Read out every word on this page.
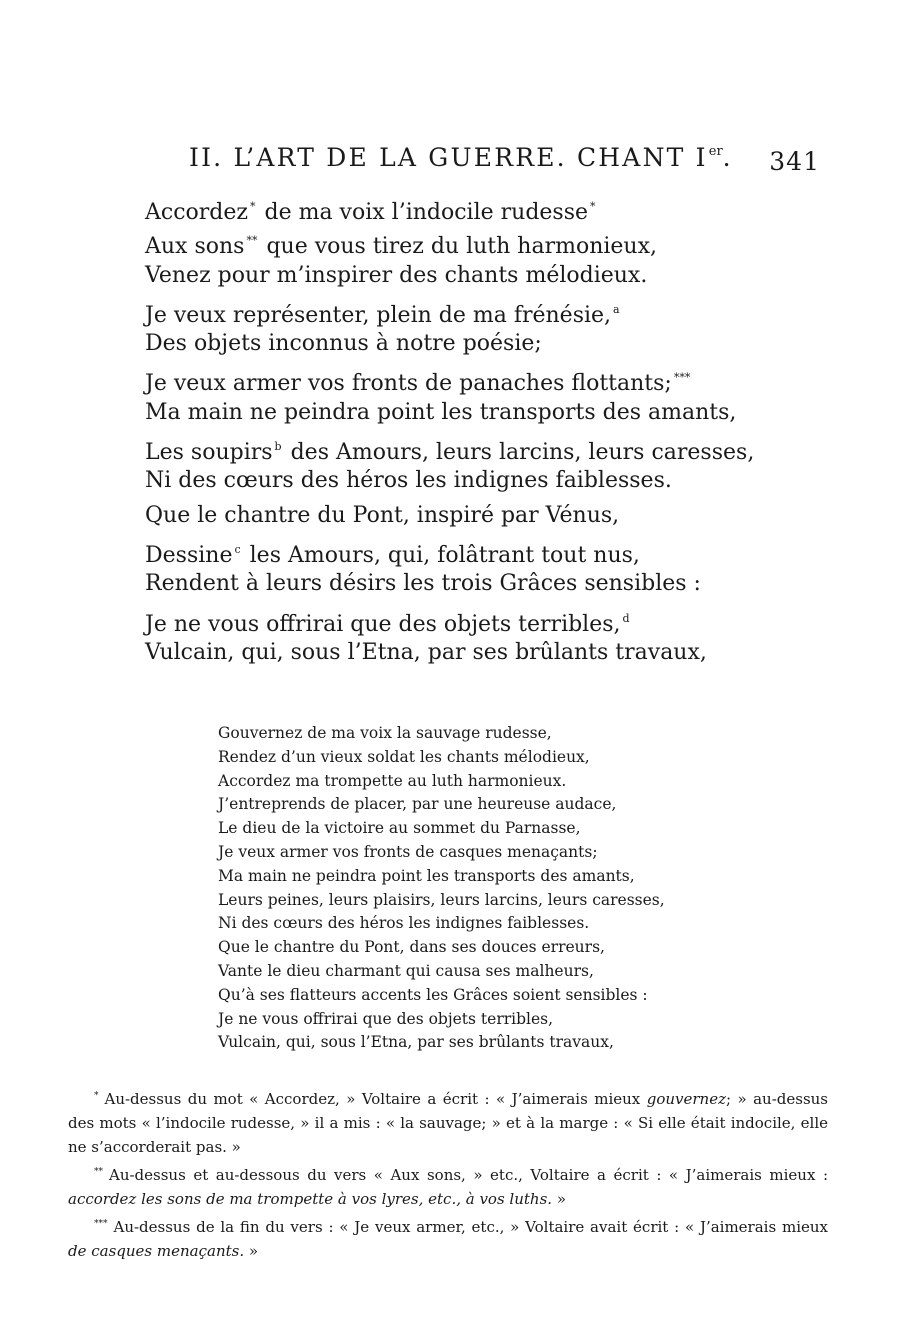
II. L’ART DE LA GUERRE. CHANT Ier. 341
Accordez * de ma voix l’indocile rudesse *
Aux sons ** que vous tirez du luth harmonieux,
Venez pour m’inspirer des chants mélodieux.
Je veux représenter, plein de ma frénésie, $^a$
Des objets inconnus à notre poésie;
Je veux armer vos fronts de panaches flottants; ***
Ma main ne peindra point les transports des amants,
Les soupirs $^b$ des Amours, leurs larcins, leurs caresses,
Ni des cœurs des héros les indignes faiblesses.
Que le chantre du Pont, inspiré par Vénus,
Dessine $^c$ les Amours, qui, folâtrant tout nus,
Rendent à leurs désirs les trois Grâces sensibles :
Je ne vous offrirai que des objets terribles, $^d$
Vulcain, qui, sous l’Etna, par ses brûlants travaux,
Gouvernez de ma voix la sauvage rudesse,
Rendez d’un vieux soldat les chants mélodieux,
Accordez ma trompette au luth harmonieux.
J’entreprends de placer, par une heureuse audace,
Le dieu de la victoire au sommet du Parnasse,
Je veux armer vos fronts de casques menaçants;
Ma main ne peindra point les transports des amants,
Leurs peines, leurs plaisirs, leurs larcins, leurs caresses,
Ni des cœurs des héros les indignes faiblesses.
Que le chantre du Pont, dans ses douces erreurs,
Vante le dieu charmant qui causa ses malheurs,
Qu’à ses flatteurs accents les Grâces soient sensibles :
Je ne vous offrirai que des objets terribles,
Vulcain, qui, sous l’Etna, par ses brûlants travaux,

* Au-dessus du mot « Accordez, » Voltaire a écrit : « J’aimerais mieux gouvernez; » au-dessus des mots « l’indocile rudesse, » il a mis : « la sauvage; » et à la marge : « Si elle était indocile, elle ne s’accorderait pas. »

** Au-dessus et au-dessous du vers « Aux sons, » etc., Voltaire a écrit : « J’aimerais mieux : accordez les sons de ma trompette à vos lyres, etc., à vos luths. »

*** Au-dessus de la fin du vers : « Je veux armer, etc., » Voltaire avait écrit : « J’aimerais mieux de casques menaçants. »
